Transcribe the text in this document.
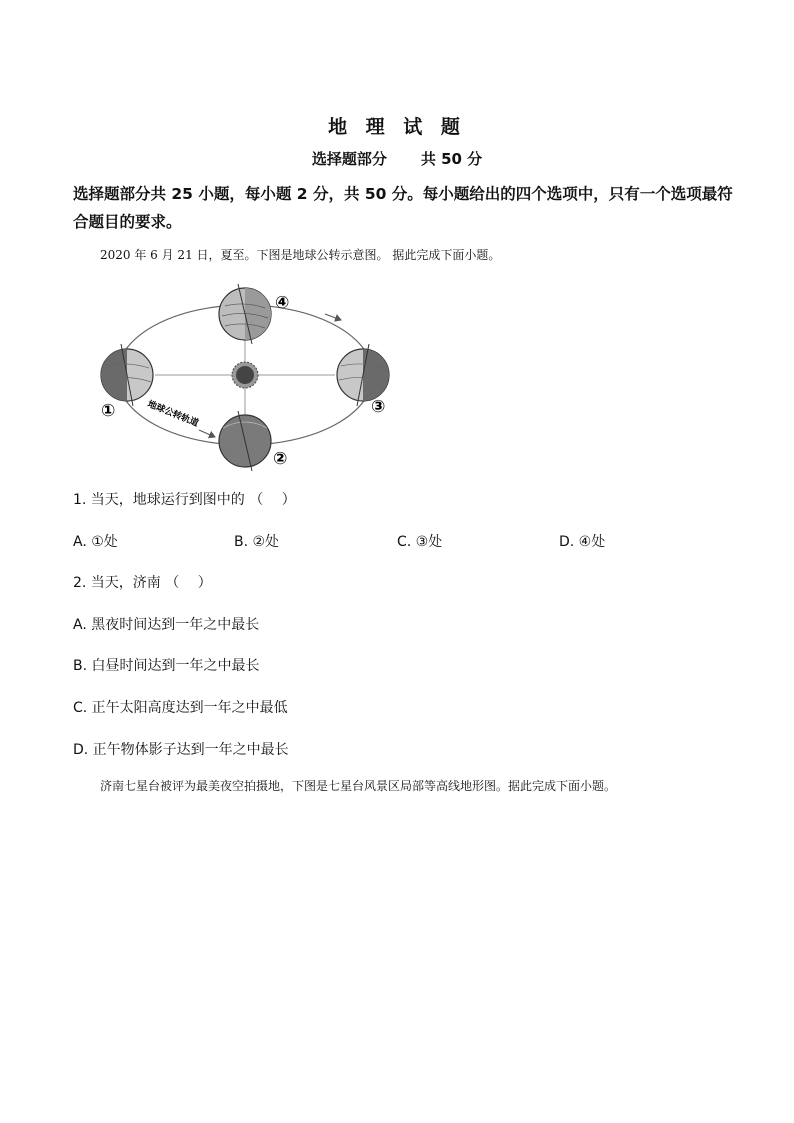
地 理 试 题
选择题部分 共 50 分
选择题部分共 25 小题，每小题 2 分，共 50 分。每小题给出的四个选项中，只有一个选项最符合题目的要求。
2020 年 6 月 21 日，夏至。下图是地球公转示意图。 据此完成下面小题。
④
①	地球公转轨道	③
②
1. 当天，地球运行到图中的 （　 ）
A. ①处	B. ②处	C. ③处	D. ④处
2. 当天，济南 （　 ）
A. 黑夜时间达到一年之中最长
B. 白昼时间达到一年之中最长
C. 正午太阳高度达到一年之中最低
D. 正午物体影子达到一年之中最长
济南七星台被评为最美夜空拍摄地，下图是七星台风景区局部等高线地形图。据此完成下面小题。
